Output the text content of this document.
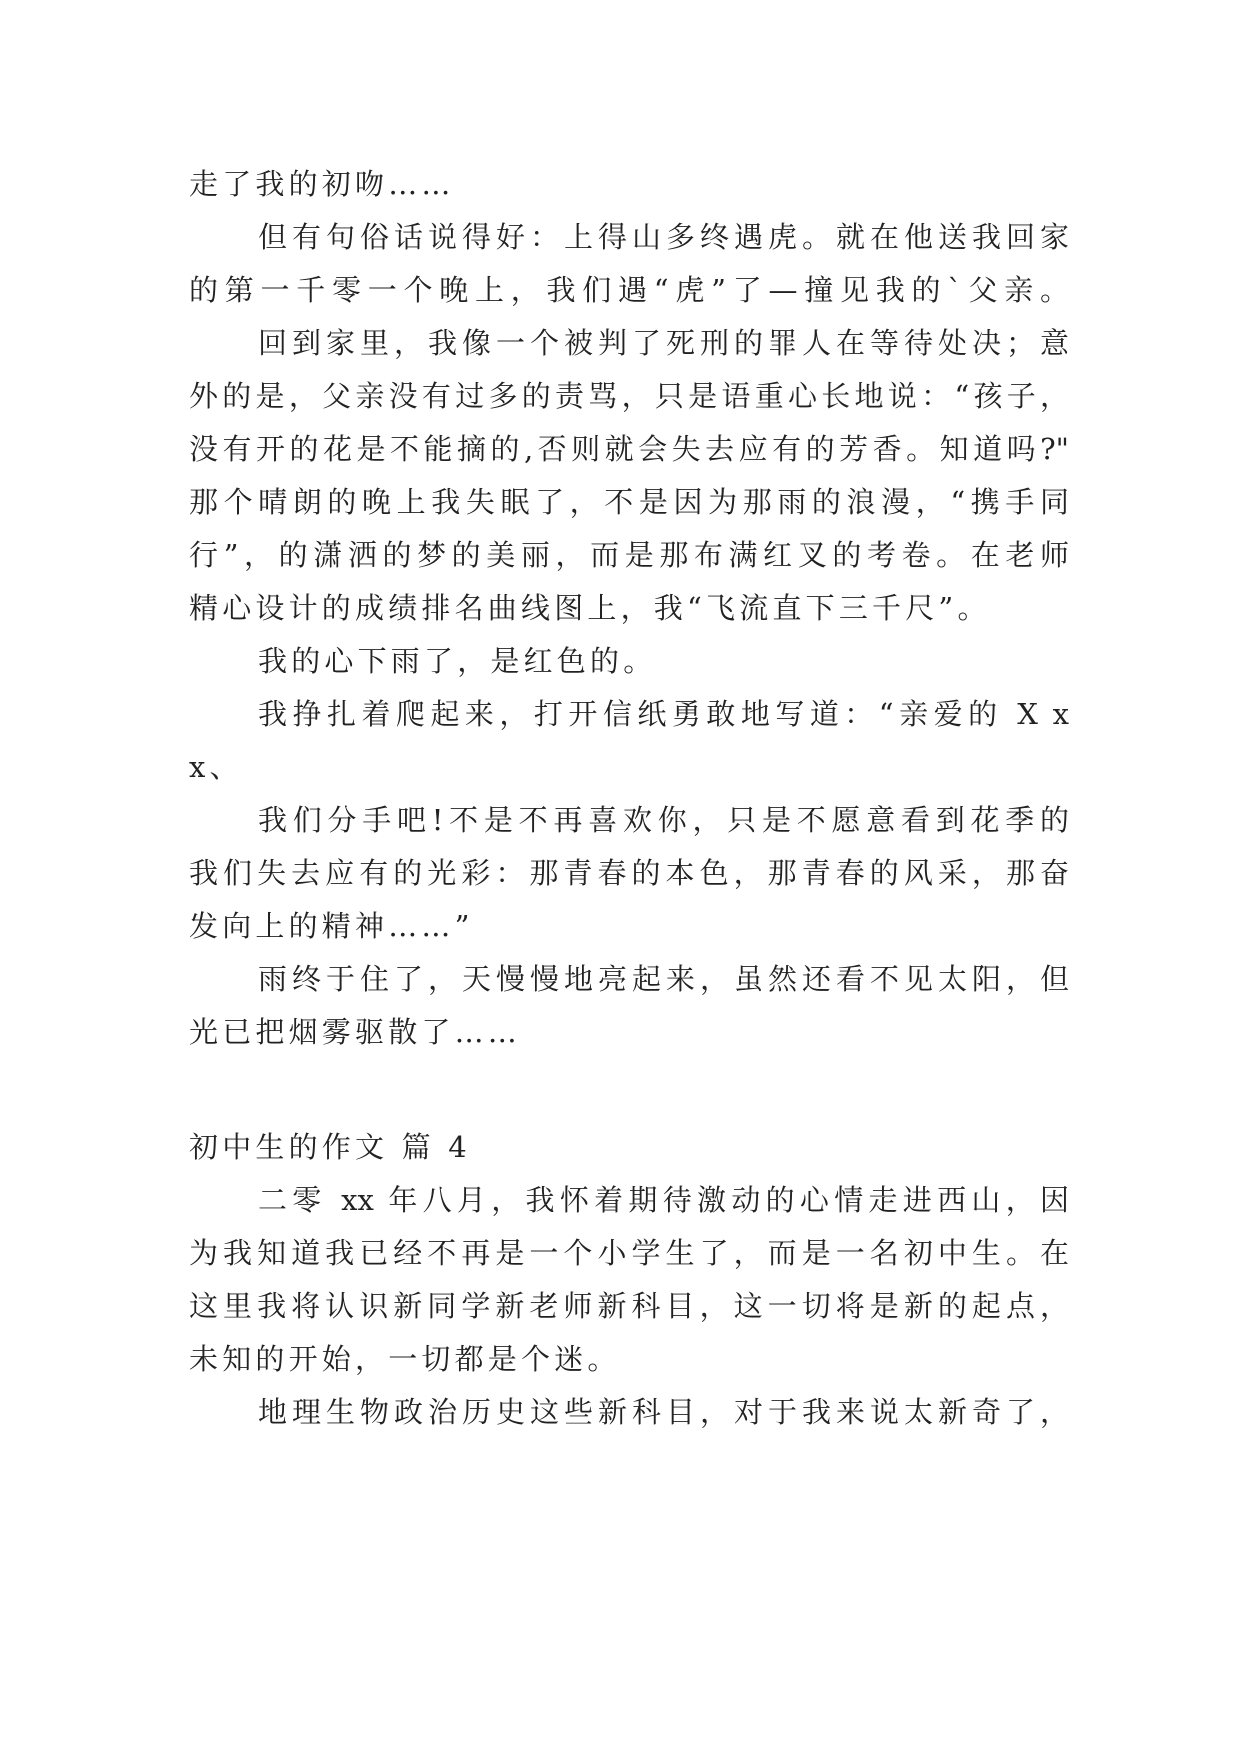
走了我的初吻……
但有句俗话说得好：上得山多终遇虎。就在他送我回家
的第一千零一个晚上，我们遇“虎”了—撞见我的`父亲。
回到家里，我像一个被判了死刑的罪人在等待处决；意
外的是，父亲没有过多的责骂，只是语重心长地说：“孩子，
没有开的花是不能摘的,否则就会失去应有的芳香。知道吗?"
那个晴朗的晚上我失眠了，不是因为那雨的浪漫，“携手同
行”，的潇洒的梦的美丽，而是那布满红叉的考卷。在老师
精心设计的成绩排名曲线图上，我“飞流直下三千尺”。
我的心下雨了，是红色的。
我挣扎着爬起来，打开信纸勇敢地写道：“亲爱的 X x
x、
我们分手吧!不是不再喜欢你，只是不愿意看到花季的
我们失去应有的光彩：那青春的本色，那青春的风采，那奋
发向上的精神……”
雨终于住了，天慢慢地亮起来，虽然还看不见太阳，但
光已把烟雾驱散了……
初中生的作文 篇 4
二零 xx 年八月，我怀着期待激动的心情走进西山，因
为我知道我已经不再是一个小学生了，而是一名初中生。在
这里我将认识新同学新老师新科目，这一切将是新的起点，
未知的开始，一切都是个迷。
地理生物政治历史这些新科目，对于我来说太新奇了，
